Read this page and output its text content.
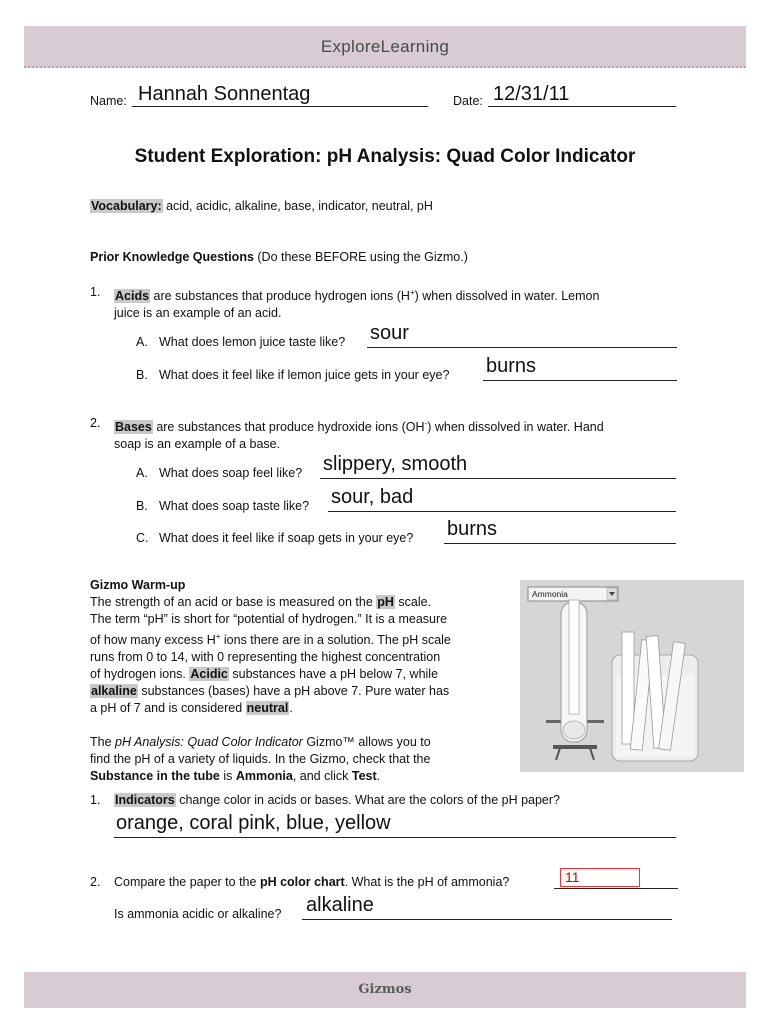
ExploreLearning
Name: Hannah Sonnentag	Date: 12/31/11
Student Exploration: pH Analysis: Quad Color Indicator
Vocabulary: acid, acidic, alkaline, base, indicator, neutral, pH
Prior Knowledge Questions (Do these BEFORE using the Gizmo.)
1. Acids are substances that produce hydrogen ions (H+) when dissolved in water. Lemon
juice is an example of an acid.
A. What does lemon juice taste like? sour
B. What does it feel like if lemon juice gets in your eye? burns
2. Bases are substances that produce hydroxide ions (OH-) when dissolved in water. Hand
soap is an example of a base.
A. What does soap feel like? slippery, smooth
B. What does soap taste like? sour, bad
C. What does it feel like if soap gets in your eye? burns
Gizmo Warm-up
The strength of an acid or base is measured on the pH scale.
The term “pH” is short for “potential of hydrogen.” It is a measure
of how many excess H+ ions there are in a solution. The pH scale
runs from 0 to 14, with 0 representing the highest concentration
of hydrogen ions. Acidic substances have a pH below 7, while
alkaline substances (bases) have a pH above 7. Pure water has
a pH of 7 and is considered neutral.
The pH Analysis: Quad Color Indicator Gizmo™ allows you to
find the pH of a variety of liquids. In the Gizmo, check that the
Substance in the tube is Ammonia, and click Test.
Ammonia
1. Indicators change color in acids or bases. What are the colors of the pH paper?
orange, coral pink, blue, yellow
2. Compare the paper to the pH color chart. What is the pH of ammonia?	11
Is ammonia acidic or alkaline? alkaline
Gizmos
